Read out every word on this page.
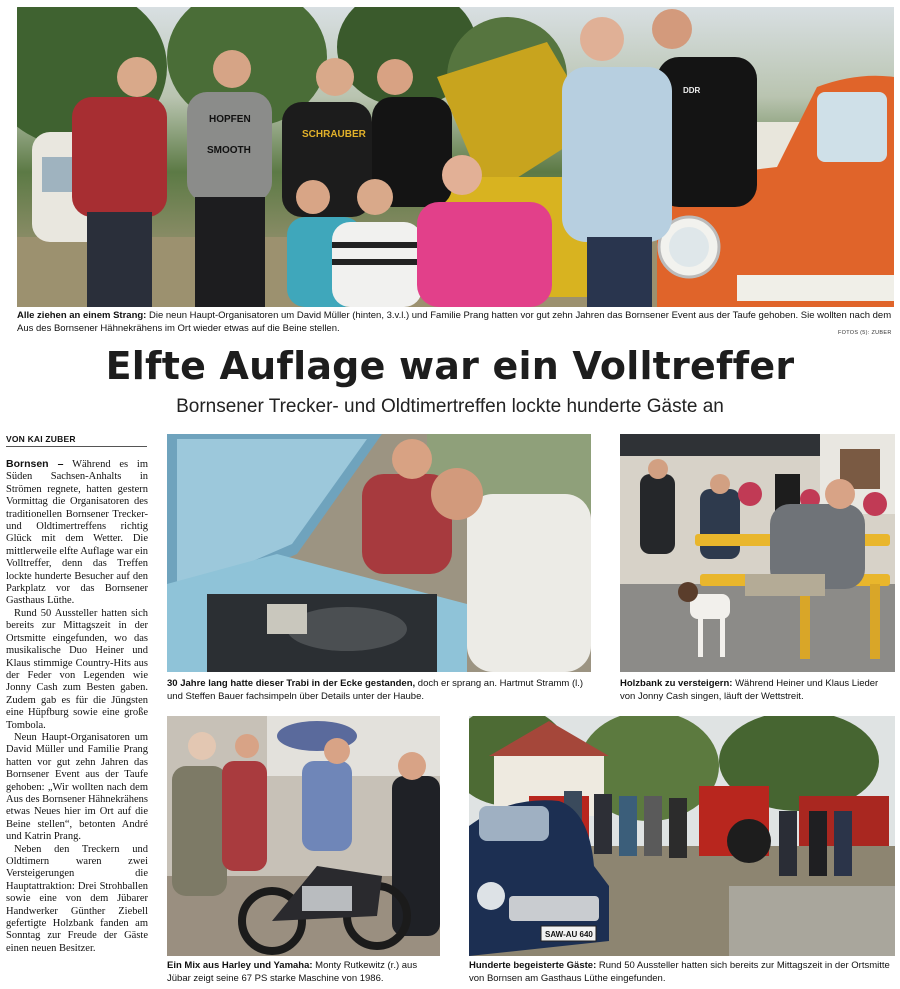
HOPFEN
SMOOTH
SCHRAUBER
DDR
Alle ziehen an einem Strang: Die neun Haupt-Organisatoren um David Müller (hinten, 3.v.l.) und Familie Prang hatten vor gut zehn Jahren das Bornsener Event aus der Taufe gehoben. Sie wollten nach dem Aus des Bornsener Hähnekrähens im Ort wieder etwas auf die Beine stellen.	FOTOS (5): ZUBER
Elfte Auflage war ein Volltreffer
Bornsener Trecker- und Oldtimertreffen lockte hunderte Gäste an
VON KAI ZUBER

Bornsen – Während es im Süden Sachsen-Anhalts in Strömen regnete, hatten gestern Vormittag die Organisatoren des traditionellen Bornsener Trecker- und Oldtimertreffens richtig Glück mit dem Wetter. Die mittlerweile elfte Auflage war ein Volltreffer, denn das Treffen lockte hunderte Besucher auf den Parkplatz vor das Bornsener Gasthaus Lüthe.

Rund 50 Aussteller hatten sich bereits zur Mittagszeit in der Ortsmitte eingefunden, wo das musikalische Duo Heiner und Klaus stimmige Country-Hits aus der Feder von Legenden wie Jonny Cash zum Besten gaben. Zudem gab es für die Jüngsten eine Hüpfburg sowie eine große Tombola.

Neun Haupt-Organisatoren um David Müller und Familie Prang hatten vor gut zehn Jahren das Bornsener Event aus der Taufe gehoben: „Wir wollten nach dem Aus des Bornsener Hähnekrähens etwas Neues hier im Ort auf die Beine stellen“, betonten André und Katrin Prang.

Neben den Treckern und Oldtimern waren zwei Versteigerungen die Hauptattraktion: Drei Strohballen sowie eine von dem Jübarer Handwerker Günther Ziebell gefertigte Holzbank fanden am Sonntag zur Freude der Gäste einen neuen Besitzer.

30 Jahre lang hatte dieser Trabi in der Ecke gestanden, doch er sprang an. Hartmut Stramm (l.) und Steffen Bauer fachsimpeln über Details unter der Haube.
Holzbank zu versteigern: Während Heiner und Klaus Lieder von Jonny Cash singen, läuft der Wettstreit.
Ein Mix aus Harley und Yamaha: Monty Rutkewitz (r.) aus Jübar zeigt seine 67 PS starke Maschine von 1986.
SAW-AU 640
Hunderte begeisterte Gäste: Rund 50 Aussteller hatten sich bereits zur Mittagszeit in der Ortsmitte von Bornsen am Gasthaus Lüthe eingefunden.
